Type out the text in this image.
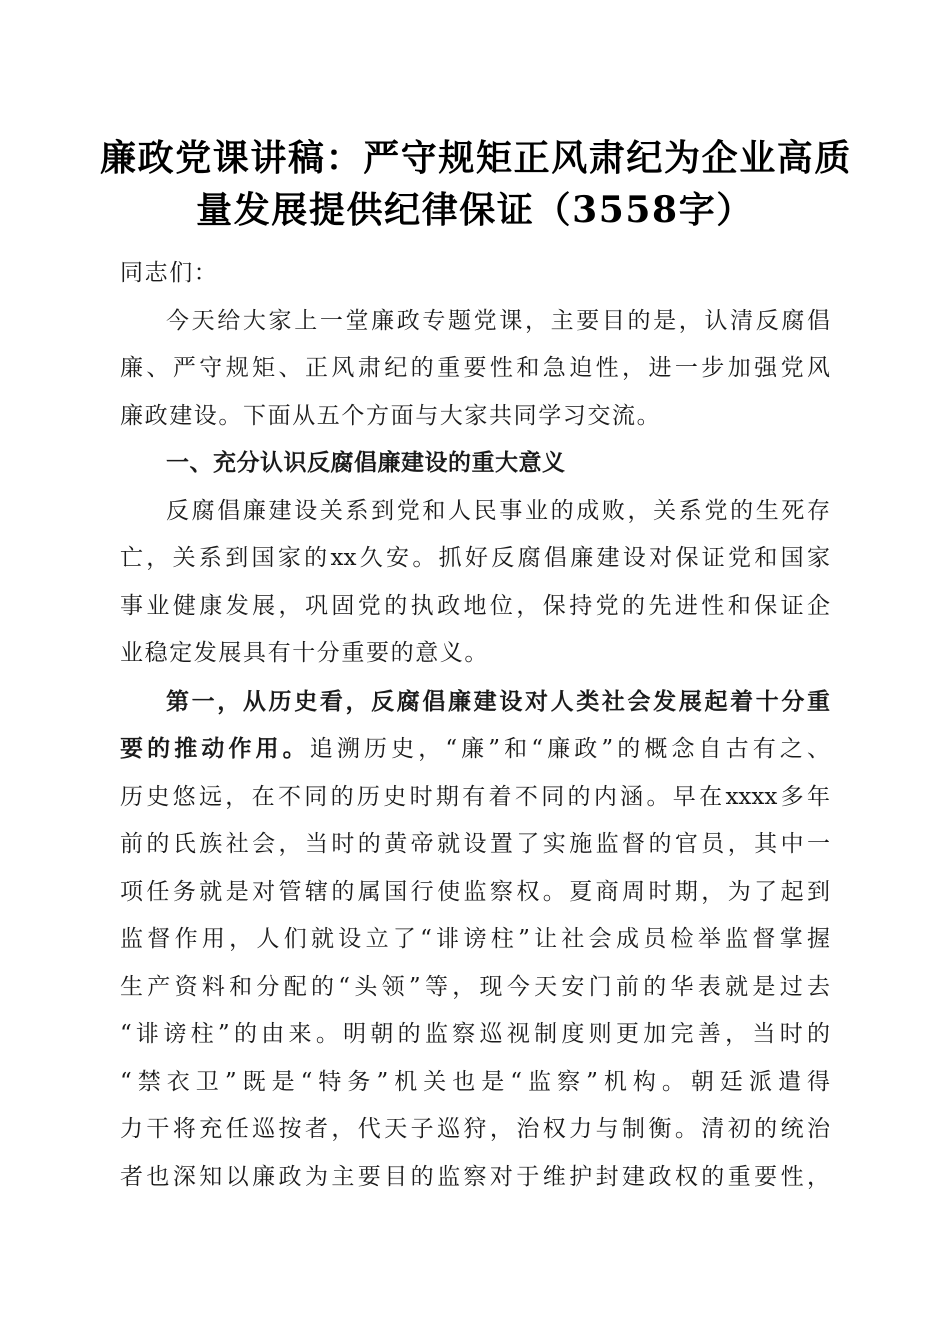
廉政党课讲稿：严守规矩正风肃纪为企业高质
量发展提供纪律保证（3558字）
同志们：
今天给大家上一堂廉政专题党课，主要目的是，认清反腐倡
廉、严守规矩、正风肃纪的重要性和急迫性，进一步加强党风
廉政建设。下面从五个方面与大家共同学习交流。
一、充分认识反腐倡廉建设的重大意义
反腐倡廉建设关系到党和人民事业的成败，关系党的生死存
亡，关系到国家的xx久安。抓好反腐倡廉建设对保证党和国家
事业健康发展，巩固党的执政地位，保持党的先进性和保证企
业稳定发展具有十分重要的意义。
第一，从历史看，反腐倡廉建设对人类社会发展起着十分重
要的推动作用。追溯历史，“廉”和“廉政”的概念自古有之、
历史悠远，在不同的历史时期有着不同的内涵。早在xxxx多年
前的氏族社会，当时的黄帝就设置了实施监督的官员，其中一
项任务就是对管辖的属国行使监察权。夏商周时期，为了起到
监督作用，人们就设立了“诽谤柱”让社会成员检举监督掌握
生产资料和分配的“头领”等，现今天安门前的华表就是过去
“诽谤柱”的由来。明朝的监察巡视制度则更加完善，当时的
“禁衣卫”既是“特务”机关也是“监察”机构。朝廷派遣得
力干将充任巡按者，代天子巡狩，治权力与制衡。清初的统治
者也深知以廉政为主要目的监察对于维护封建政权的重要性，
